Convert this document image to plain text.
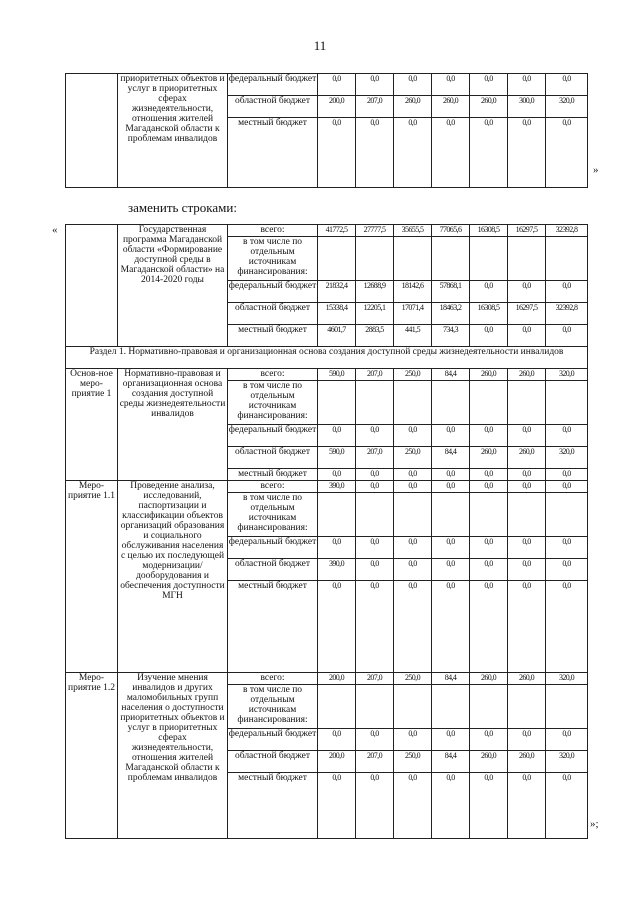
11
	приоритетных объектов и услуг в приоритетных сферах жизнедеятельности, отношения жителей Магаданской области к проблемам инвалидов	федеральный бюджет	0,0	0,0	0,0	0,0	0,0	0,0	0,0
		областной бюджет	200,0	207,0	260,0	260,0	260,0	300,0	320,0
		местный бюджет	0,0	0,0	0,0	0,0	0,0	0,0	0,0
»
заменить строками:
«
		Государственная программа Магаданской области «Формирование доступной среды в Магаданской области» на 2014-2020 годы	всего:	41772,5	27777,5	35655,5	77065,6	16308,5	16297,5	32392,8
		в том числе по отдельным источникам финансирования:							
		федеральный бюджет	21832,4	12688,9	18142,6	57868,1	0,0	0,0	0,0
		областной бюджет	15338,4	12205,1	17071,4	18463,2	16308,5	16297,5	32392,8
		местный бюджет	4601,7	2883,5	441,5	734,3	0,0	0,0	0,0
Раздел 1. Нормативно-правовая и организационная основа создания доступной среды жизнедеятельности инвалидов									
Основ-ное меро-приятие 1	Нормативно-правовая и организационная основа создания доступной среды жизнедеятельности инвалидов	всего:	590,0	207,0	250,0	84,4	260,0	260,0	320,0
		в том числе по отдельным источникам финансирования:							
		федеральный бюджет	0,0	0,0	0,0	0,0	0,0	0,0	0,0
		областной бюджет	590,0	207,0	250,0	84,4	260,0	260,0	320,0
		местный бюджет	0,0	0,0	0,0	0,0	0,0	0,0	0,0
Меро-приятие 1.1	Проведение анализа, исследований, паспортизации и классификации объектов организаций образования и социального обслуживания населения с целью их последующей модернизации/дооборудования и обеспечения доступности МГН	всего:	390,0	0,0	0,0	0,0	0,0	0,0	0,0
		в том числе по отдельным источникам финансирования:							
		федеральный бюджет	0,0	0,0	0,0	0,0	0,0	0,0	0,0
		областной бюджет	390,0	0,0	0,0	0,0	0,0	0,0	0,0
		местный бюджет	0,0	0,0	0,0	0,0	0,0	0,0	0,0
Меро-приятие 1.2	Изучение мнения инвалидов и других маломобильных групп населения о доступности приоритетных объектов и услуг в приоритетных сферах жизнедеятельности, отношения жителей Магаданской области к проблемам инвалидов	всего:	200,0	207,0	250,0	84,4	260,0	260,0	320,0
		в том числе по отдельным источникам финансирования:							
		федеральный бюджет	0,0	0,0	0,0	0,0	0,0	0,0	0,0
		областной бюджет	200,0	207,0	250,0	84,4	260,0	260,0	320,0
		местный бюджет	0,0	0,0	0,0	0,0	0,0	0,0	0,0
»;
